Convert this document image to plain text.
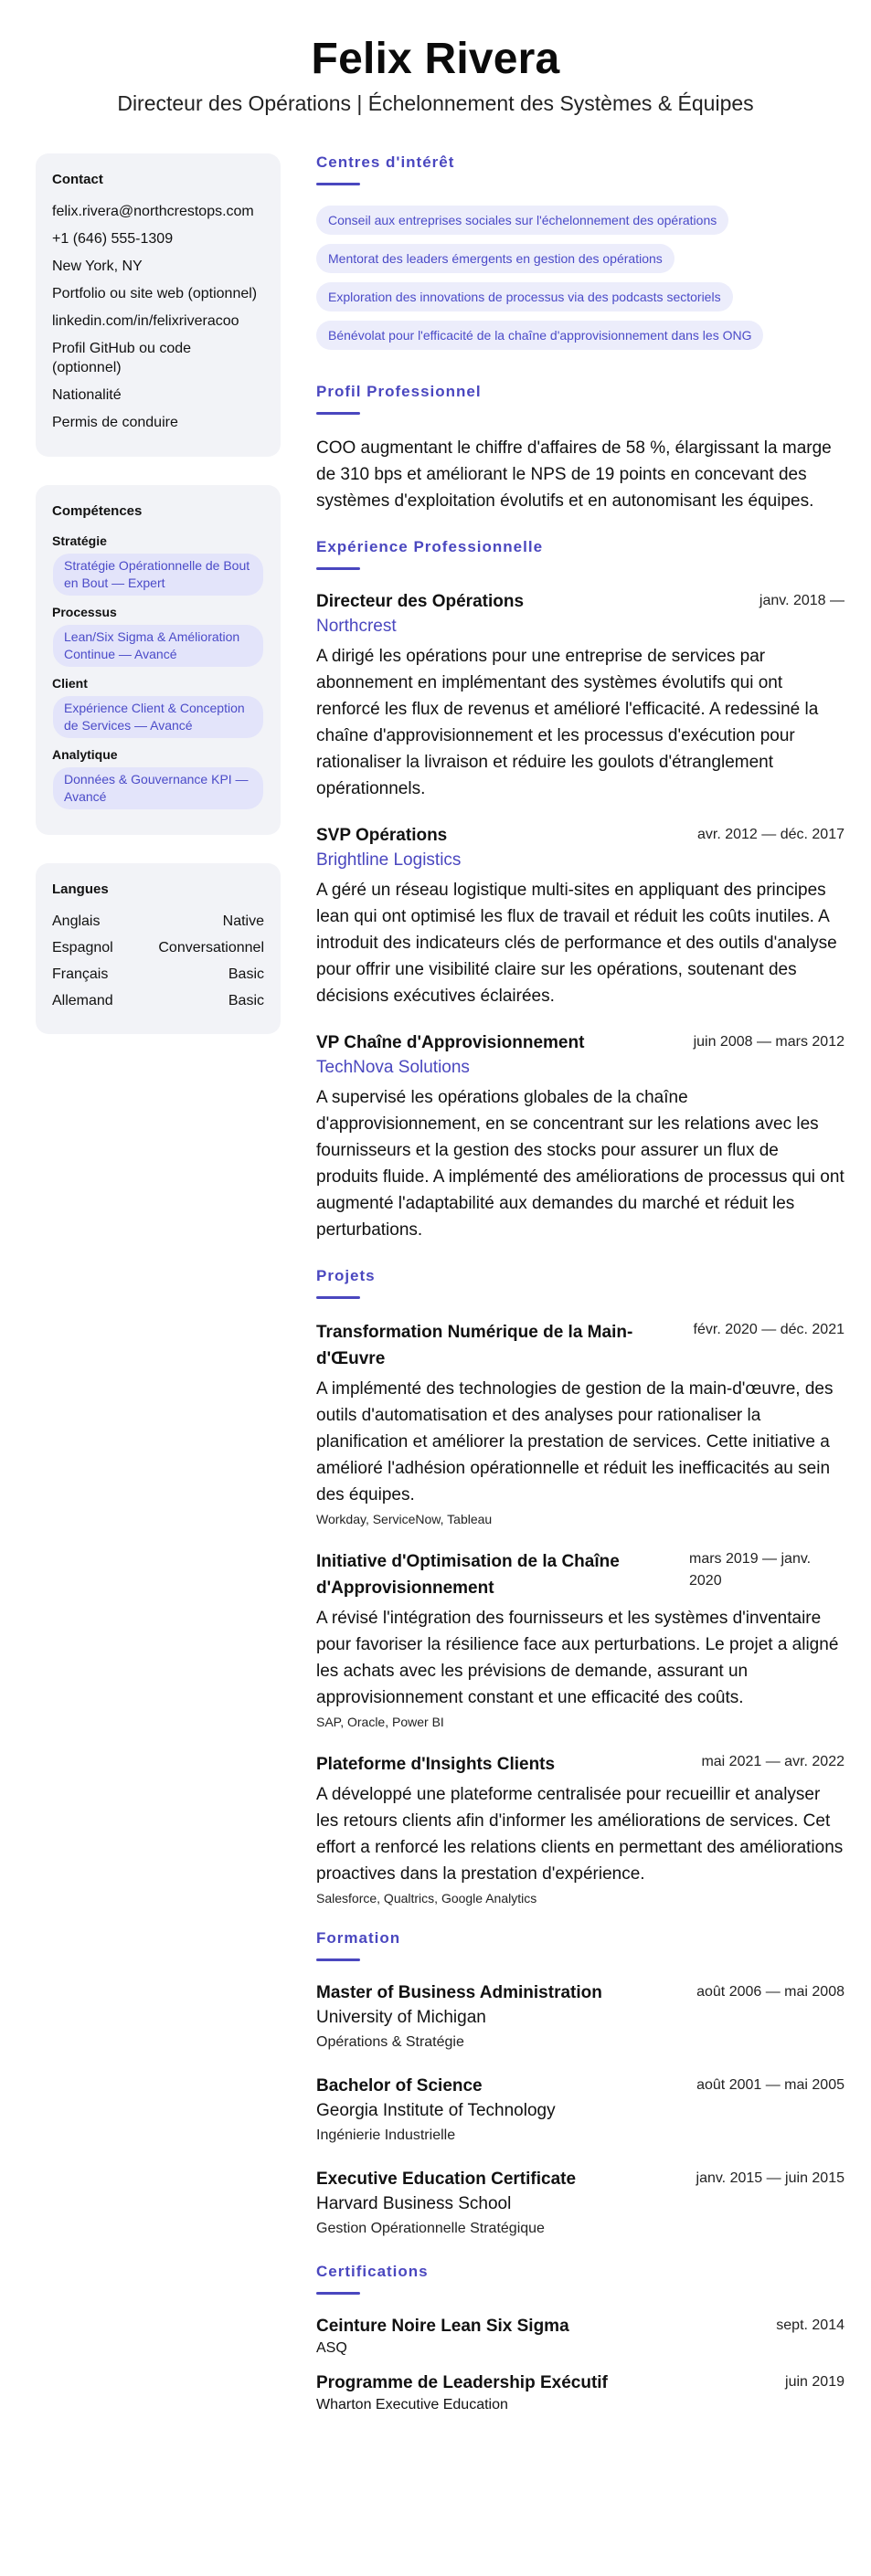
Felix Rivera
Directeur des Opérations | Échelonnement des Systèmes & Équipes
Contact
felix.rivera@northcrestops.com
+1 (646) 555-1309
New York, NY
Portfolio ou site web (optionnel)
linkedin.com/in/felixriveracoo
Profil GitHub ou code (optionnel)
Nationalité
Permis de conduire
Compétences
Stratégie
Stratégie Opérationnelle de Bout en Bout — Expert
Processus
Lean/Six Sigma & Amélioration Continue — Avancé
Client
Expérience Client & Conception de Services — Avancé
Analytique
Données & Gouvernance KPI — Avancé
Langues
Anglais	Native
Espagnol	Conversationnel
Français	Basic
Allemand	Basic
Centres d'intérêt
Conseil aux entreprises sociales sur l'échelonnement des opérations
Mentorat des leaders émergents en gestion des opérations
Exploration des innovations de processus via des podcasts sectoriels
Bénévolat pour l'efficacité de la chaîne d'approvisionnement dans les ONG
Profil Professionnel
COO augmentant le chiffre d'affaires de 58 %, élargissant la marge de 310 bps et améliorant le NPS de 19 points en concevant des systèmes d'exploitation évolutifs et en autonomisant les équipes.
Expérience Professionnelle
Directeur des Opérations	janv. 2018 —
Northcrest
A dirigé les opérations pour une entreprise de services par abonnement en implémentant des systèmes évolutifs qui ont renforcé les flux de revenus et amélioré l'efficacité. A redessiné la chaîne d'approvisionnement et les processus d'exécution pour rationaliser la livraison et réduire les goulots d'étranglement opérationnels.
SVP Opérations	avr. 2012 — déc. 2017
Brightline Logistics
A géré un réseau logistique multi-sites en appliquant des principes lean qui ont optimisé les flux de travail et réduit les coûts inutiles. A introduit des indicateurs clés de performance et des outils d'analyse pour offrir une visibilité claire sur les opérations, soutenant des décisions exécutives éclairées.
VP Chaîne d'Approvisionnement	juin 2008 — mars 2012
TechNova Solutions
A supervisé les opérations globales de la chaîne d'approvisionnement, en se concentrant sur les relations avec les fournisseurs et la gestion des stocks pour assurer un flux de produits fluide. A implémenté des améliorations de processus qui ont augmenté l'adaptabilité aux demandes du marché et réduit les perturbations.
Projets
Transformation Numérique de la Main-d'Œuvre
févr. 2020 — déc. 2021
A implémenté des technologies de gestion de la main-d'œuvre, des outils d'automatisation et des analyses pour rationaliser la planification et améliorer la prestation de services. Cette initiative a amélioré l'adhésion opérationnelle et réduit les inefficacités au sein des équipes.
Workday, ServiceNow, Tableau
Initiative d'Optimisation de la Chaîne d'Approvisionnement
mars 2019 — janv. 2020
A révisé l'intégration des fournisseurs et les systèmes d'inventaire pour favoriser la résilience face aux perturbations. Le projet a aligné les achats avec les prévisions de demande, assurant un approvisionnement constant et une efficacité des coûts.
SAP, Oracle, Power BI
Plateforme d'Insights Clients	mai 2021 — avr. 2022
A développé une plateforme centralisée pour recueillir et analyser les retours clients afin d'informer les améliorations de services. Cet effort a renforcé les relations clients en permettant des améliorations proactives dans la prestation d'expérience.
Salesforce, Qualtrics, Google Analytics
Formation
Master of Business Administration	août 2006 — mai 2008
University of Michigan
Opérations & Stratégie
Bachelor of Science	août 2001 — mai 2005
Georgia Institute of Technology
Ingénierie Industrielle
Executive Education Certificate	janv. 2015 — juin 2015
Harvard Business School
Gestion Opérationnelle Stratégique
Certifications
Ceinture Noire Lean Six Sigma	sept. 2014
ASQ
Programme de Leadership Exécutif	juin 2019
Wharton Executive Education
